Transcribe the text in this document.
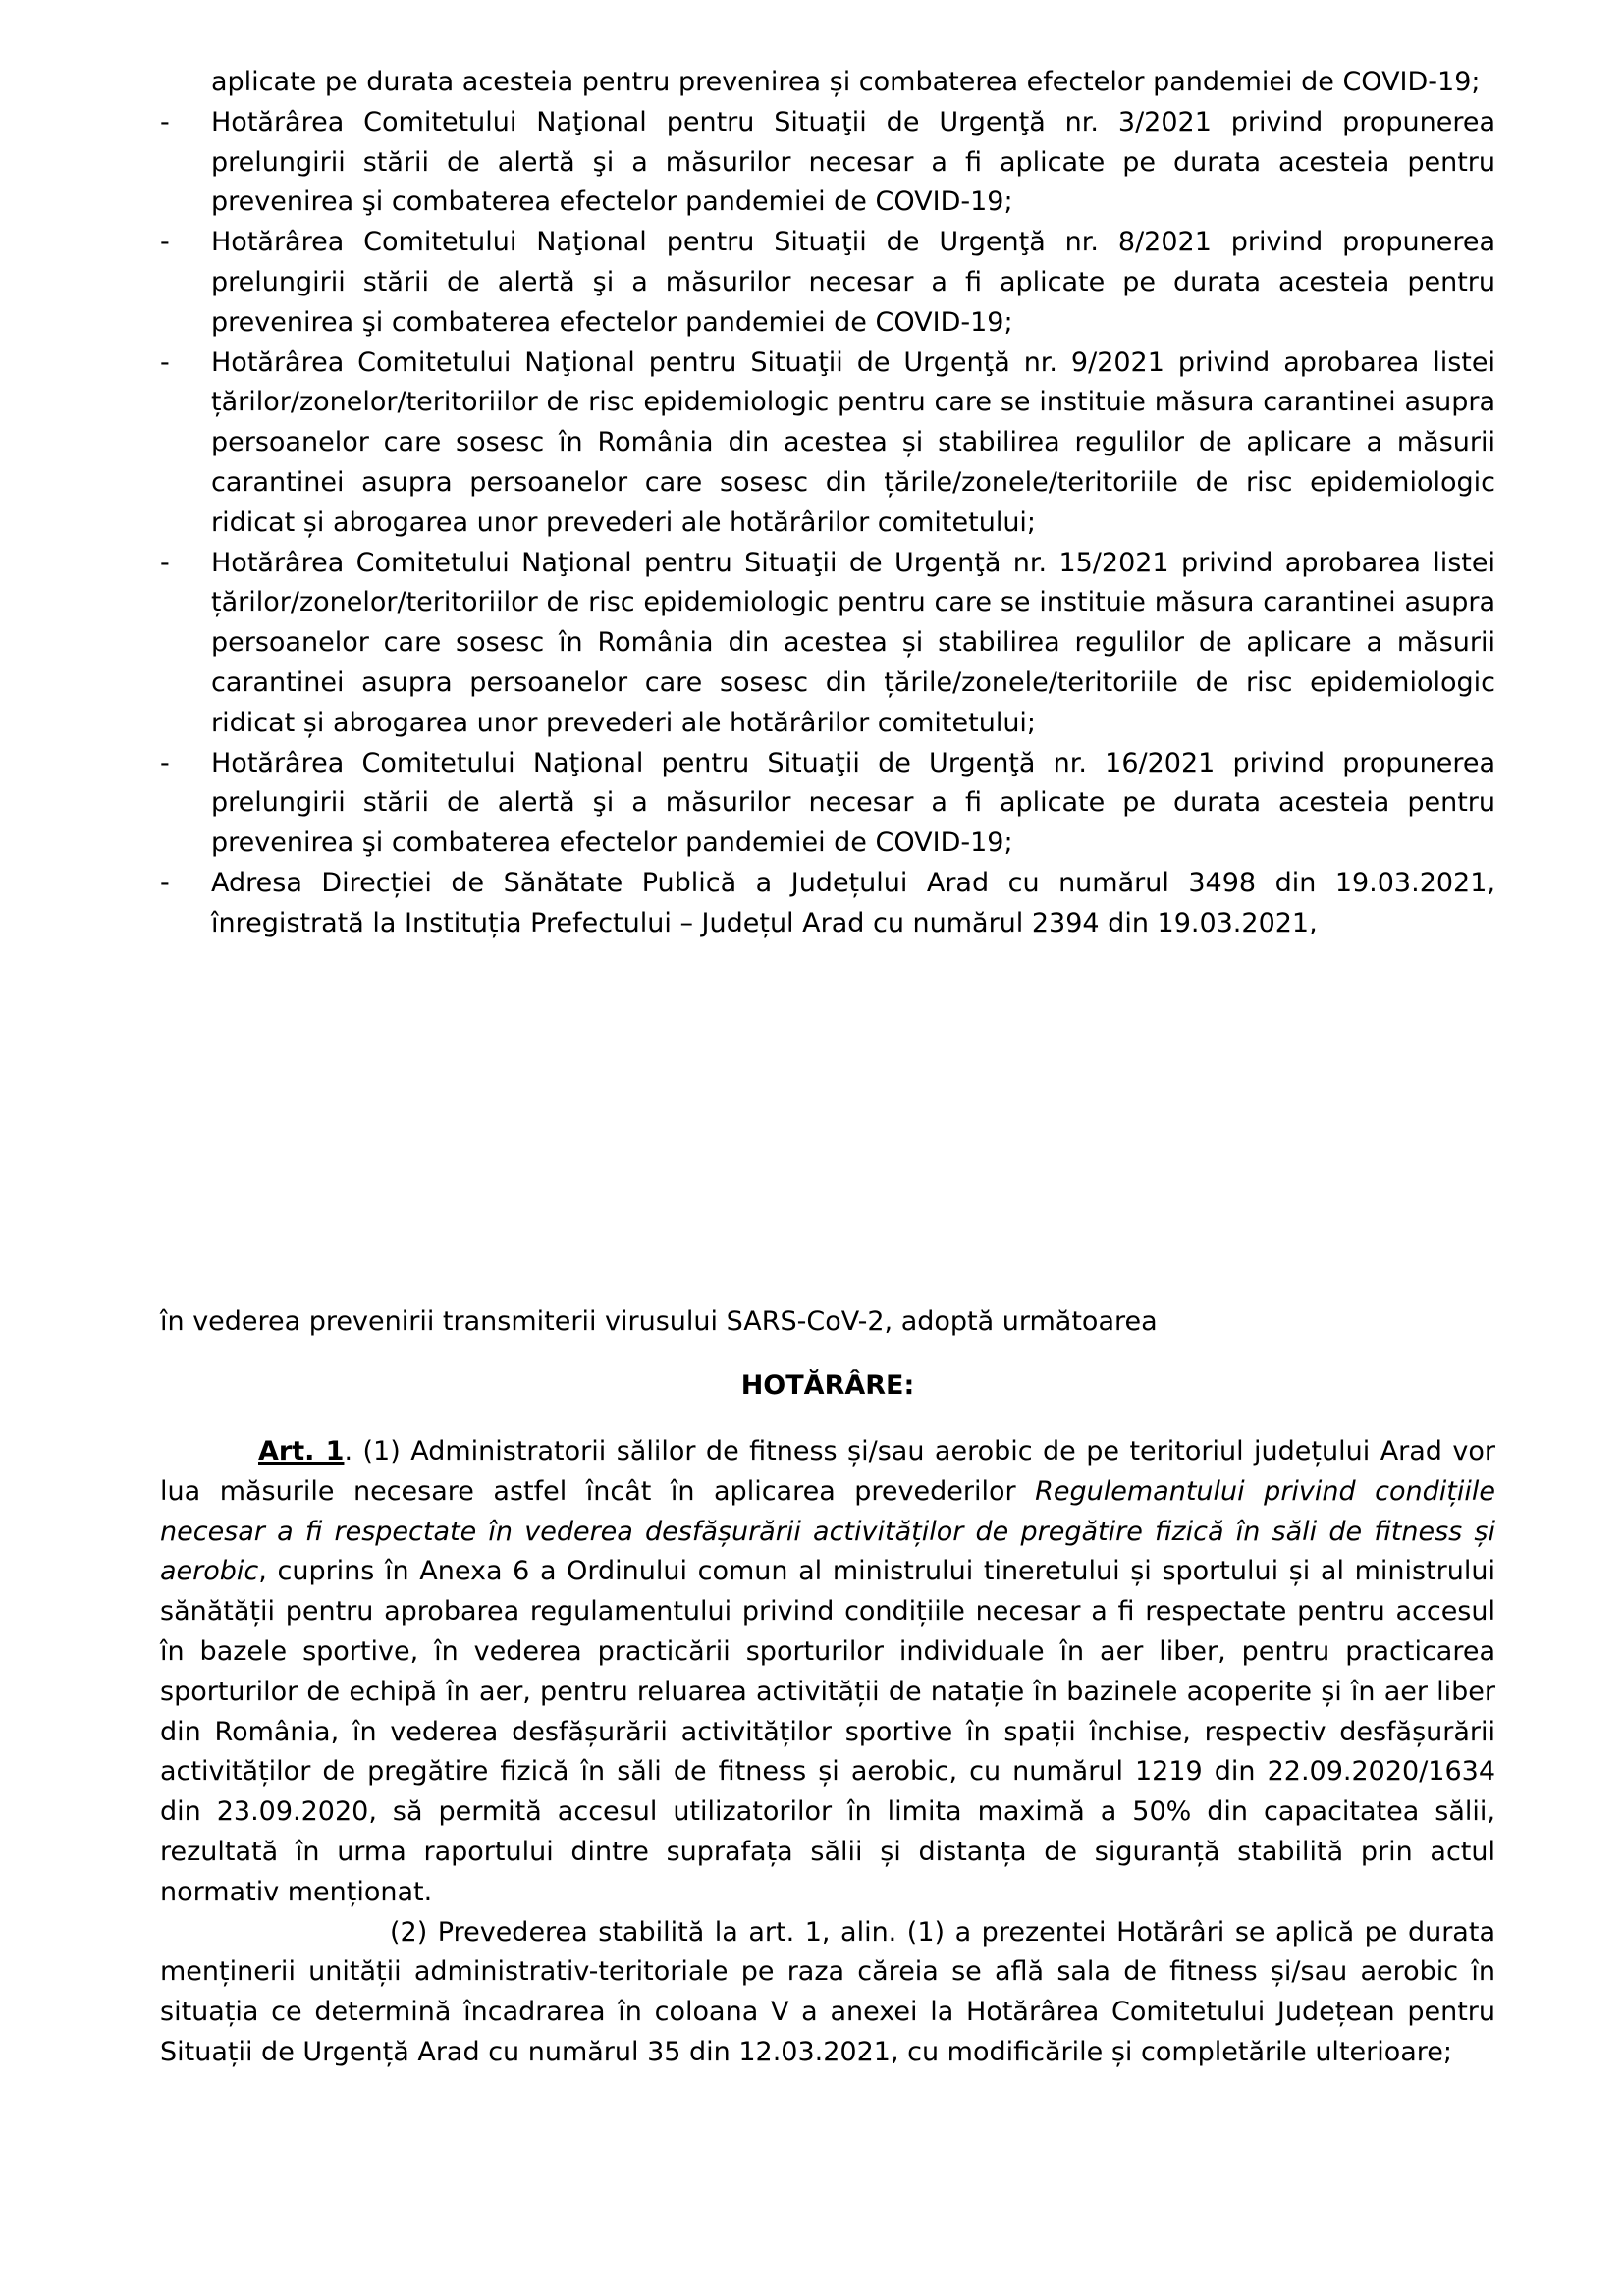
aplicate pe durata acesteia pentru prevenirea și combaterea efectelor pandemiei de COVID-19;
- Hotărârea Comitetului Naţional pentru Situaţii de Urgenţă nr. 3/2021 privind propunerea prelungirii stării de alertă şi a măsurilor necesar a fi aplicate pe durata acesteia pentru prevenirea şi combaterea efectelor pandemiei de COVID-19;
- Hotărârea Comitetului Naţional pentru Situaţii de Urgenţă nr. 8/2021 privind propunerea prelungirii stării de alertă şi a măsurilor necesar a fi aplicate pe durata acesteia pentru prevenirea şi combaterea efectelor pandemiei de COVID-19;
- Hotărârea Comitetului Naţional pentru Situaţii de Urgenţă nr. 9/2021 privind aprobarea listei țărilor/zonelor/teritoriilor de risc epidemiologic pentru care se instituie măsura carantinei asupra persoanelor care sosesc în România din acestea și stabilirea regulilor de aplicare a măsurii carantinei asupra persoanelor care sosesc din țările/zonele/teritoriile de risc epidemiologic ridicat și abrogarea unor prevederi ale hotărârilor comitetului;
- Hotărârea Comitetului Naţional pentru Situaţii de Urgenţă nr. 15/2021 privind aprobarea listei țărilor/zonelor/teritoriilor de risc epidemiologic pentru care se instituie măsura carantinei asupra persoanelor care sosesc în România din acestea și stabilirea regulilor de aplicare a măsurii carantinei asupra persoanelor care sosesc din țările/zonele/teritoriile de risc epidemiologic ridicat și abrogarea unor prevederi ale hotărârilor comitetului;
- Hotărârea Comitetului Naţional pentru Situaţii de Urgenţă nr. 16/2021 privind propunerea prelungirii stării de alertă şi a măsurilor necesar a fi aplicate pe durata acesteia pentru prevenirea şi combaterea efectelor pandemiei de COVID-19;
- Adresa Direcției de Sănătate Publică a Județului Arad cu numărul 3498 din 19.03.2021, înregistrată la Instituția Prefectului – Județul Arad cu numărul 2394 din 19.03.2021,
în vederea prevenirii transmiterii virusului SARS-CoV-2, adoptă următoarea
HOTĂRÂRE:

Art. 1. (1) Administratorii sălilor de fitness și/sau aerobic de pe teritoriul județului Arad vor lua măsurile necesare astfel încât în aplicarea prevederilor Regulemantului privind condițiile necesar a fi respectate în vederea desfășurării activităților de pregătire fizică în săli de fitness și aerobic, cuprins în Anexa 6 a Ordinului comun al ministrului tineretului și sportului și al ministrului sănătății pentru aprobarea regulamentului privind condițiile necesar a fi respectate pentru accesul în bazele sportive, în vederea practicării sporturilor individuale în aer liber, pentru practicarea sporturilor de echipă în aer, pentru reluarea activității de natație în bazinele acoperite și în aer liber din România, în vederea desfășurării activităților sportive în spații închise, respectiv desfășurării activităților de pregătire fizică în săli de fitness și aerobic, cu numărul 1219 din 22.09.2020/1634 din 23.09.2020, să permită accesul utilizatorilor în limita maximă a 50% din capacitatea sălii, rezultată în urma raportului dintre suprafața sălii și distanța de siguranță stabilită prin actul normativ menționat.

(2) Prevederea stabilită la art. 1, alin. (1) a prezentei Hotărâri se aplică pe durata menținerii unității administrativ-teritoriale pe raza căreia se află sala de fitness și/sau aerobic în situația ce determină încadrarea în coloana V a anexei la Hotărârea Comitetului Județean pentru Situații de Urgență Arad cu numărul 35 din 12.03.2021, cu modificările și completările ulterioare;
